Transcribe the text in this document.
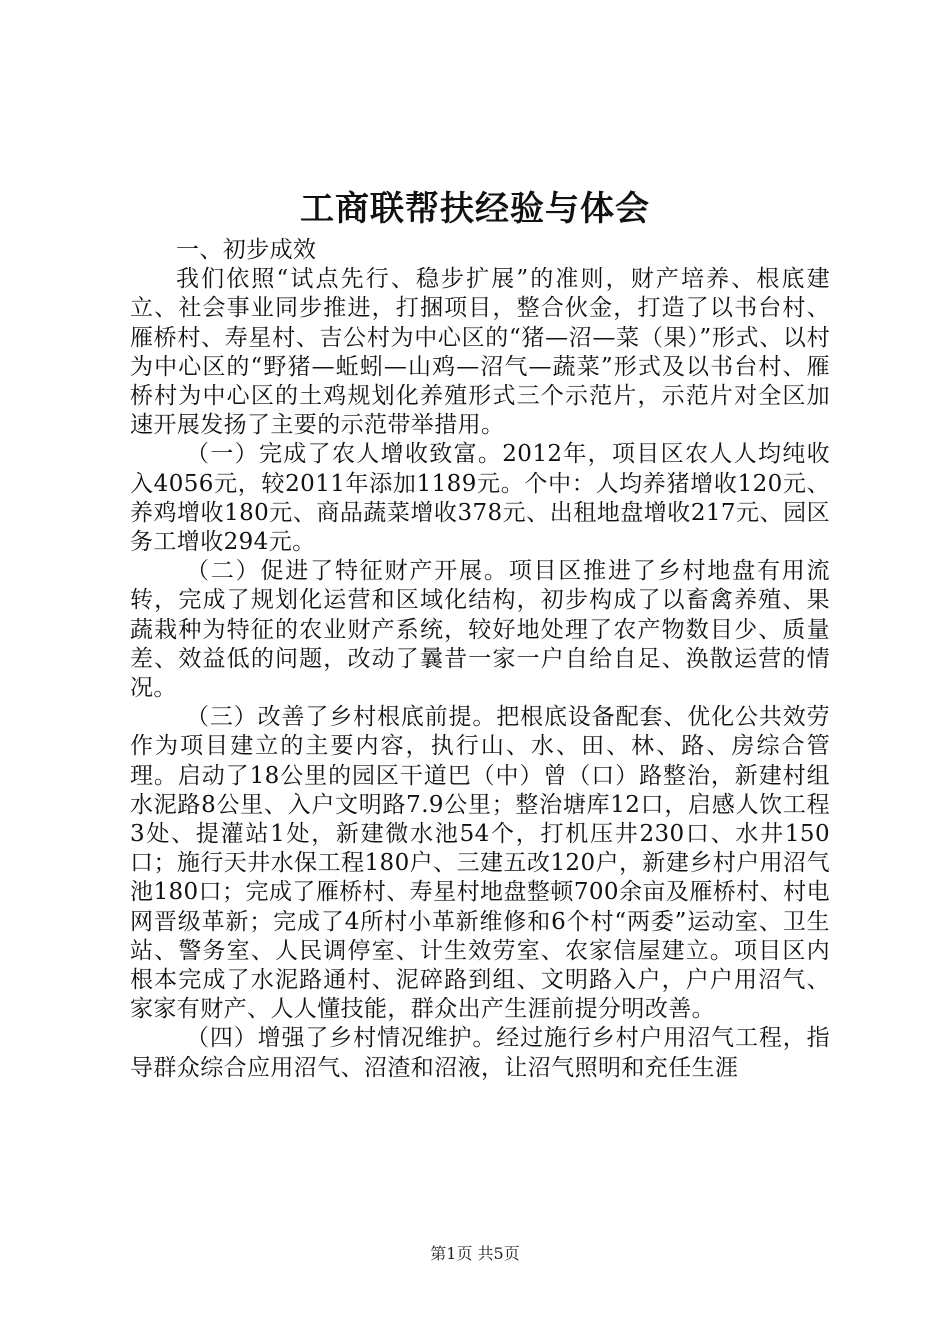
工商联帮扶经验与体会

一、初步成效

我们依照“试点先行、稳步扩展”的准则，财产培养、根底建立、社会事业同步推进，打捆项目，整合伙金，打造了以书台村、雁桥村、寿星村、吉公村为中心区的“猪—沼—菜（果）”形式、以村为中心区的“野猪—蚯蚓—山鸡—沼气—蔬菜”形式及以书台村、雁桥村为中心区的土鸡规划化养殖形式三个示范片，示范片对全区加速开展发扬了主要的示范带举措用。

（一）完成了农人增收致富。2012年，项目区农人人均纯收入4056元，较2011年添加1189元。个中：人均养猪增收120元、养鸡增收180元、商品蔬菜增收378元、出租地盘增收217元、园区务工增收294元。

（二）促进了特征财产开展。项目区推进了乡村地盘有用流转，完成了规划化运营和区域化结构，初步构成了以畜禽养殖、果蔬栽种为特征的农业财产系统，较好地处理了农产物数目少、质量差、效益低的问题，改动了曩昔一家一户自给自足、涣散运营的情况。

（三）改善了乡村根底前提。把根底设备配套、优化公共效劳作为项目建立的主要内容，执行山、水、田、林、路、房综合管理。启动了18公里的园区干道巴（中）曾（口）路整治，新建村组水泥路8公里、入户文明路7.9公里；整治塘库12口，启感人饮工程3处、提灌站1处，新建微水池54个，打机压井230口、水井150口；施行天井水保工程180户、三建五改120户，新建乡村户用沼气池180口；完成了雁桥村、寿星村地盘整顿700余亩及雁桥村、村电网晋级革新；完成了4所村小革新维修和6个村“两委”运动室、卫生站、警务室、人民调停室、计生效劳室、农家信屋建立。项目区内根本完成了水泥路通村、泥碎路到组、文明路入户，户户用沼气、家家有财产、人人懂技能，群众出产生涯前提分明改善。

（四）增强了乡村情况维护。经过施行乡村户用沼气工程，指导群众综合应用沼气、沼渣和沼液，让沼气照明和充任生涯

第1页 共5页
